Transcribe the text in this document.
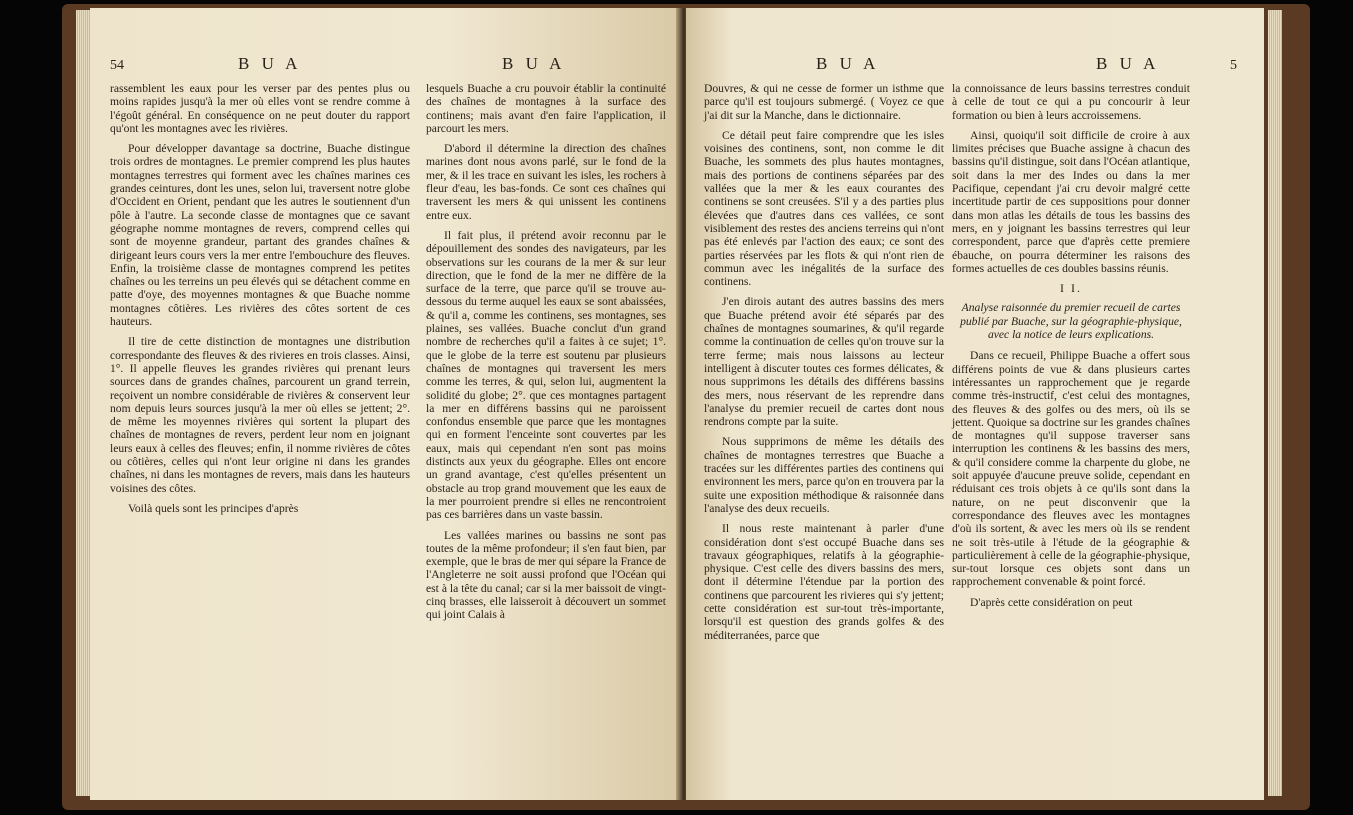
54	B U A	B U A

rassemblent les eaux pour les verser par des pentes plus ou moins rapides jusqu'à la mer où elles vont se rendre comme à l'égoût général. En conséquence on ne peut douter du rapport qu'ont les montagnes avec les rivières.

Pour développer davantage sa doctrine, Buache distingue trois ordres de montagnes. Le premier comprend les plus hautes montagnes terrestres qui forment avec les chaînes marines ces grandes ceintures, dont les unes, selon lui, traversent notre globe d'Occident en Orient, pendant que les autres le soutiennent d'un pôle à l'autre. La seconde classe de montagnes que ce savant géographe nomme montagnes de revers, comprend celles qui sont de moyenne grandeur, partant des grandes chaînes & dirigeant leurs cours vers la mer entre l'embouchure des fleuves. Enfin, la troisième classe de montagnes comprend les petites chaînes ou les terreins un peu élevés qui se détachent comme en patte d'oye, des moyennes montagnes & que Buache nomme montagnes côtières. Les rivières des côtes sortent de ces hauteurs.

Il tire de cette distinction de montagnes une distribution correspondante des fleuves & des rivieres en trois classes. Ainsi, 1°. Il appelle fleuves les grandes rivières qui prenant leurs sources dans de grandes chaînes, parcourent un grand terrein, reçoivent un nombre considérable de rivières & conservent leur nom depuis leurs sources jusqu'à la mer où elles se jettent; 2°. de même les moyennes rivières qui sortent la plupart des chaînes de montagnes de revers, perdent leur nom en joignant leurs eaux à celles des fleuves; enfin, il nomme rivières de côtes ou côtières, celles qui n'ont leur origine ni dans les grandes chaînes, ni dans les montagnes de revers, mais dans les hauteurs voisines des côtes.

Voilà quels sont les principes d'après

lesquels Buache a cru pouvoir établir la continuité des chaînes de montagnes à la surface des continens; mais avant d'en faire l'application, il parcourt les mers.

D'abord il détermine la direction des chaînes marines dont nous avons parlé, sur le fond de la mer, & il les trace en suivant les isles, les rochers à fleur d'eau, les bas-fonds. Ce sont ces chaînes qui traversent les mers & qui unissent les continens entre eux.

Il fait plus, il prétend avoir reconnu par le dépouillement des sondes des navigateurs, par les observations sur les courans de la mer & sur leur direction, que le fond de la mer ne diffère de la surface de la terre, que parce qu'il se trouve au-dessous du terme auquel les eaux se sont abaissées, & qu'il a, comme les continens, ses montagnes, ses plaines, ses vallées. Buache conclut d'un grand nombre de recherches qu'il a faites à ce sujet; 1°. que le globe de la terre est soutenu par plusieurs chaînes de montagnes qui traversent les mers comme les terres, & qui, selon lui, augmentent la solidité du globe; 2°. que ces montagnes partagent la mer en différens bassins qui ne paroissent confondus ensemble que parce que les montagnes qui en forment l'enceinte sont couvertes par les eaux, mais qui cependant n'en sont pas moins distincts aux yeux du géographe. Elles ont encore un grand avantage, c'est qu'elles présentent un obstacle au trop grand mouvement que les eaux de la mer pourroient prendre si elles ne rencontroient pas ces barrières dans un vaste bassin.

Les vallées marines ou bassins ne sont pas toutes de la même profondeur; il s'en faut bien, par exemple, que le bras de mer qui sépare la France de l'Angleterre ne soit aussi profond que l'Océan qui est à la tête du canal; car si la mer baissoit de vingt-cinq brasses, elle laisseroit à découvert un sommet qui joint Calais à

B U A	B U A	5

Douvres, & qui ne cesse de former un isthme que parce qu'il est toujours submergé. ( Voyez ce que j'ai dit sur la Manche, dans le dictionnaire.

Ce détail peut faire comprendre que les isles voisines des continens, sont, non comme le dit Buache, les sommets des plus hautes montagnes, mais des portions de continens séparées par des vallées que la mer & les eaux courantes des continens se sont creusées. S'il y a des parties plus élevées que d'autres dans ces vallées, ce sont visiblement des restes des anciens terreins qui n'ont pas été enlevés par l'action des eaux; ce sont des parties réservées par les flots & qui n'ont rien de commun avec les inégalités de la surface des continens.

J'en dirois autant des autres bassins des mers que Buache prétend avoir été séparés par des chaînes de montagnes soumarines, & qu'il regarde comme la continuation de celles qu'on trouve sur la terre ferme; mais nous laissons au lecteur intelligent à discuter toutes ces formes délicates, & nous supprimons les détails des différens bassins des mers, nous réservant de les reprendre dans l'analyse du premier recueil de cartes dont nous rendrons compte par la suite.

Nous supprimons de même les détails des chaînes de montagnes terrestres que Buache a tracées sur les différentes parties des continens qui environnent les mers, parce qu'on en trouvera par la suite une exposition méthodique & raisonnée dans l'analyse des deux recueils.

Il nous reste maintenant à parler d'une considération dont s'est occupé Buache dans ses travaux géographiques, relatifs à la géographie-physique. C'est celle des divers bassins des mers, dont il détermine l'étendue par la portion des continens que parcourent les rivieres qui s'y jettent; cette considération est sur-tout très-importante, lorsqu'il est question des grands golfes & des méditerranées, parce que

la connoissance de leurs bassins terrestres conduit à celle de tout ce qui a pu concourir à leur formation ou bien à leurs accroissemens.

Ainsi, quoiqu'il soit difficile de croire à aux limites précises que Buache assigne à chacun des bassins qu'il distingue, soit dans l'Océan atlantique, soit dans la mer des Indes ou dans la mer Pacifique, cependant j'ai cru devoir malgré cette incertitude partir de ces suppositions pour donner dans mon atlas les détails de tous les bassins des mers, en y joignant les bassins terrestres qui leur correspondent, parce que d'après cette premiere ébauche, on pourra déterminer les raisons des formes actuelles de ces doubles bassins réunis.

I I.
Analyse raisonnée du premier recueil de cartes publié par Buache, sur la géographie-physique, avec la notice de leurs explications.

Dans ce recueil, Philippe Buache a offert sous différens points de vue & dans plusieurs cartes intéressantes un rapprochement que je regarde comme très-instructif, c'est celui des montagnes, des fleuves & des golfes ou des mers, où ils se jettent. Quoique sa doctrine sur les grandes chaînes de montagnes qu'il suppose traverser sans interruption les continens & les bassins des mers, & qu'il considere comme la charpente du globe, ne soit appuyée d'aucune preuve solide, cependant en réduisant ces trois objets à ce qu'ils sont dans la nature, on ne peut disconvenir que la correspondance des fleuves avec les montagnes d'où ils sortent, & avec les mers où ils se rendent ne soit très-utile à l'étude de la géographie & particulièrement à celle de la géographie-physique, sur-tout lorsque ces objets sont dans un rapprochement convenable & point forcé.

D'après cette considération on peut
